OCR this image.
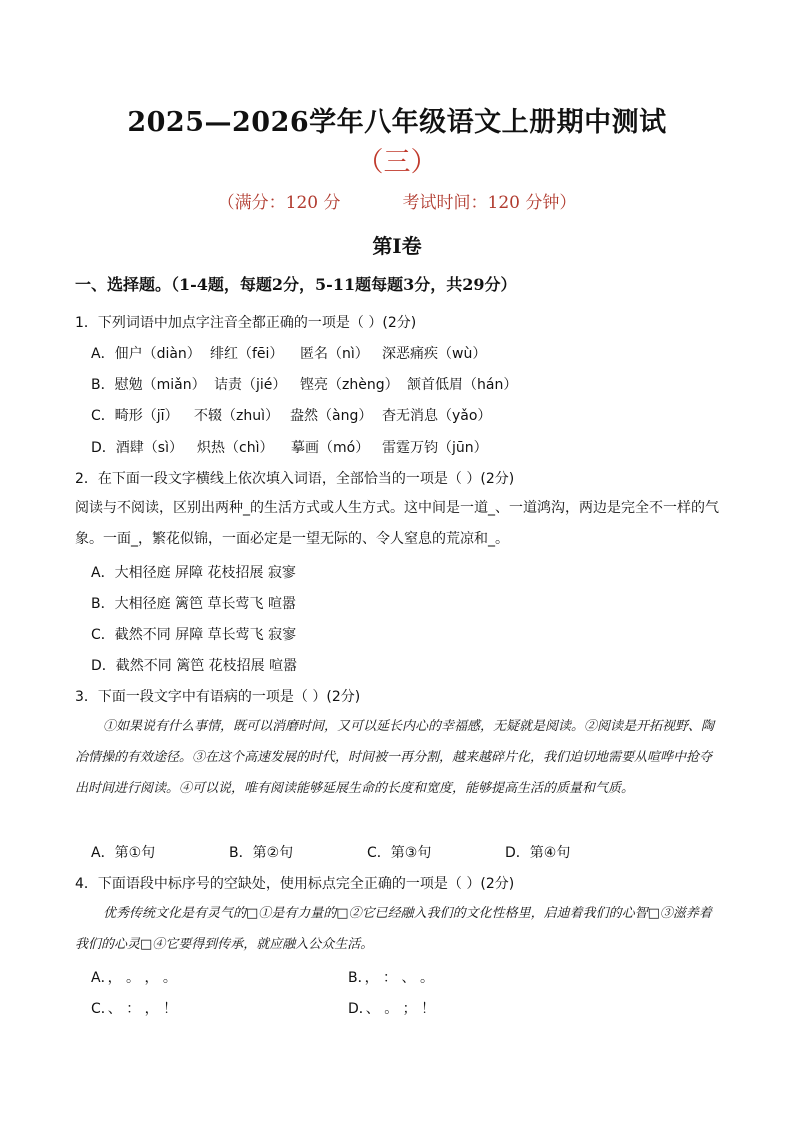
2025—2026学年八年级语文上册期中测试
（三）
（满分：120 分	考试时间：120 分钟）
第Ⅰ卷
一、选择题。（1-4题，每题2分，5-11题每题3分，共29分）
1．下列词语中加点字注音全都正确的一项是（ ）(2分)
A．佃户（diàn） 绯红（fēi） 匿名（nì） 深恶痛疾（wù）
B．慰勉（miǎn） 诘责（jié） 铿亮（zhèng） 颔首低眉（hán）
C．畸形（jī） 不辍（zhuì） 盎然（àng） 杳无消息（yǎo）
D．酒肆（sì） 炽热（chì） 摹画（mó） 雷霆万钧（jūn）
2．在下面一段文字横线上依次填入词语，全部恰当的一项是（ ）(2分)
阅读与不阅读，区别出两种_的生活方式或人生方式。这中间是一道_、一道鸿沟，两边是完全不一样的气象。一面_，繁花似锦，一面必定是一望无际的、令人窒息的荒凉和_。
A．大相径庭 屏障 花枝招展 寂寥
B．大相径庭 篱笆 草长莺飞 喧嚣
C．截然不同 屏障 草长莺飞 寂寥
D．截然不同 篱笆 花枝招展 喧嚣
3．下面一段文字中有语病的一项是（ ）(2分)
①如果说有什么事情，既可以消磨时间，又可以延长内心的幸福感，无疑就是阅读。②阅读是开拓视野、陶冶情操的有效途径。③在这个高速发展的时代，时间被一再分割，越来越碎片化，我们迫切地需要从喧哗中抢夺出时间进行阅读。④可以说，唯有阅读能够延展生命的长度和宽度，能够提高生活的质量和气质。
A．第①句	B．第②句	C．第③句	D．第④句
4．下面语段中标序号的空缺处，使用标点完全正确的一项是（ ）(2分)
优秀传统文化是有灵气的□①是有力量的□②它已经融入我们的文化性格里，启迪着我们的心智□③滋养着我们的心灵□④它要得到传承，就应融入公众生活。
A．， 。 ， 。	B．， ： 、 。
C．、 ： ， ！	D．、 。 ； ！
